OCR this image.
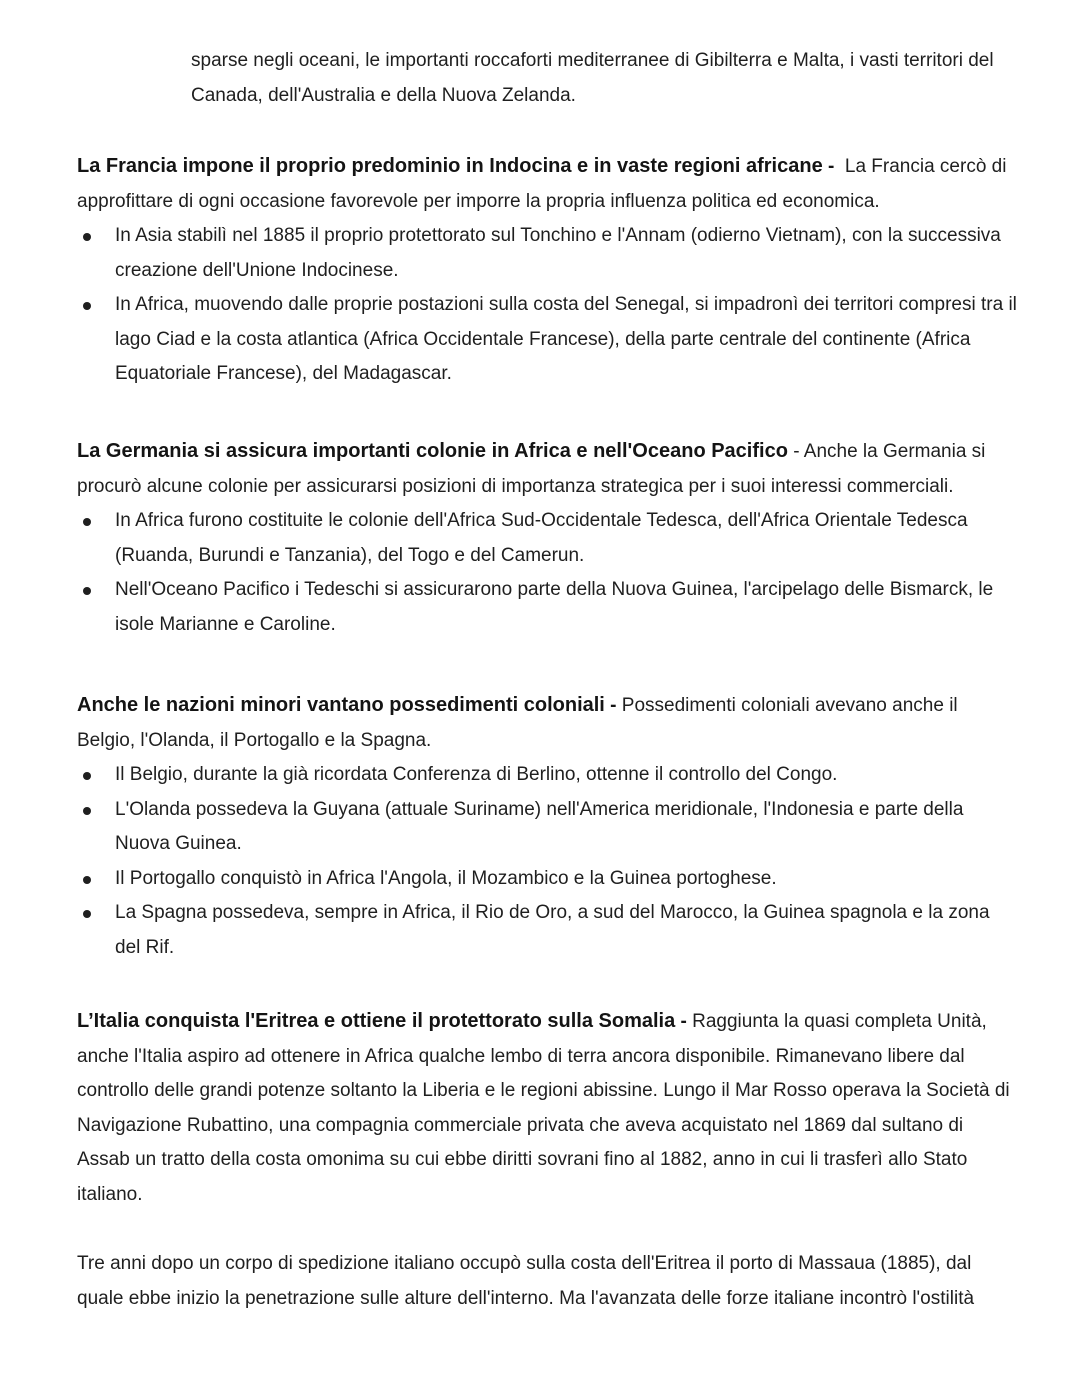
sparse negli oceani, le importanti roccaforti mediterranee di Gibilterra e Malta, i vasti territori del Canada, dell'Australia e della Nuova Zelanda.

La Francia impone il proprio predominio in Indocina e in vaste regioni africane - La Francia cercò di approfittare di ogni occasione favorevole per imporre la propria influenza politica ed economica.

In Asia stabilì nel 1885 il proprio protettorato sul Tonchino e l'Annam (odierno Vietnam), con la successiva creazione dell'Unione Indocinese.
In Africa, muovendo dalle proprie postazioni sulla costa del Senegal, si impadronì dei territori compresi tra il lago Ciad e la costa atlantica (Africa Occidentale Francese), della parte centrale del continente (Africa Equatoriale Francese), del Madagascar.

La Germania si assicura importanti colonie in Africa e nell'Oceano Pacifico - Anche la Germania si procurò alcune colonie per assicurarsi posizioni di importanza strategica per i suoi interessi commerciali.

In Africa furono costituite le colonie dell'Africa Sud-Occidentale Tedesca, dell'Africa Orientale Tedesca (Ruanda, Burundi e Tanzania), del Togo e del Camerun.
Nell'Oceano Pacifico i Tedeschi si assicurarono parte della Nuova Guinea, l'arcipelago delle Bismarck, le isole Marianne e Caroline.

Anche le nazioni minori vantano possedimenti coloniali - Possedimenti coloniali avevano anche il Belgio, l'Olanda, il Portogallo e la Spagna.

Il Belgio, durante la già ricordata Conferenza di Berlino, ottenne il controllo del Congo.
L'Olanda possedeva la Guyana (attuale Suriname) nell'America meridionale, l'Indonesia e parte della Nuova Guinea.
Il Portogallo conquistò in Africa l'Angola, il Mozambico e la Guinea portoghese.
La Spagna possedeva, sempre in Africa, il Rio de Oro, a sud del Marocco, la Guinea spagnola e la zona del Rif.

L’Italia conquista l'Eritrea e ottiene il protettorato sulla Somalia - Raggiunta la quasi completa Unità, anche l'Italia aspiro ad ottenere in Africa qualche lembo di terra ancora disponibile. Rimanevano libere dal controllo delle grandi potenze soltanto la Liberia e le regioni abissine. Lungo il Mar Rosso operava la Società di Navigazione Rubattino, una compagnia commerciale privata che aveva acquistato nel 1869 dal sultano di Assab un tratto della costa omonima su cui ebbe diritti sovrani fino al 1882, anno in cui li trasferì allo Stato italiano.

Tre anni dopo un corpo di spedizione italiano occupò sulla costa dell'Eritrea il porto di Massaua (1885), dal quale ebbe inizio la penetrazione sulle alture dell'interno. Ma l'avanzata delle forze italiane incontrò l'ostilità
